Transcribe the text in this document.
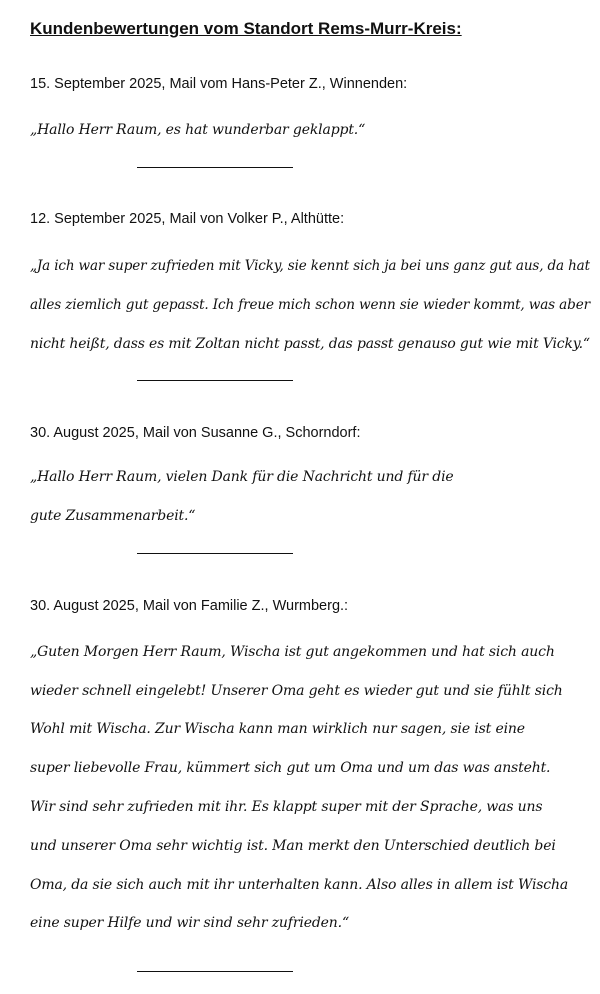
Kundenbewertungen vom Standort Rems-Murr-Kreis:
15. September 2025, Mail vom Hans-Peter Z., Winnenden:
„Hallo Herr Raum, es hat wunderbar geklappt.“
12. September 2025, Mail von Volker P., Althütte:
„Ja ich war super zufrieden mit Vicky, sie kennt sich ja bei uns ganz gut aus, da hat
alles ziemlich gut gepasst. Ich freue mich schon wenn sie wieder kommt, was aber
nicht heißt, dass es mit Zoltan nicht passt, das passt genauso gut wie mit Vicky.“
30. August 2025, Mail von Susanne G., Schorndorf:
„Hallo Herr Raum, vielen Dank für die Nachricht und für die
gute Zusammenarbeit.“
30. August 2025, Mail von Familie Z., Wurmberg.:
„Guten Morgen Herr Raum, Wischa ist gut angekommen und hat sich auch
wieder schnell eingelebt! Unserer Oma geht es wieder gut und sie fühlt sich
Wohl mit Wischa. Zur Wischa kann man wirklich nur sagen, sie ist eine
super liebevolle Frau, kümmert sich gut um Oma und um das was ansteht.
Wir sind sehr zufrieden mit ihr. Es klappt super mit der Sprache, was uns
und unserer Oma sehr wichtig ist. Man merkt den Unterschied deutlich bei
Oma, da sie sich auch mit ihr unterhalten kann. Also alles in allem ist Wischa
eine super Hilfe und wir sind sehr zufrieden.“
